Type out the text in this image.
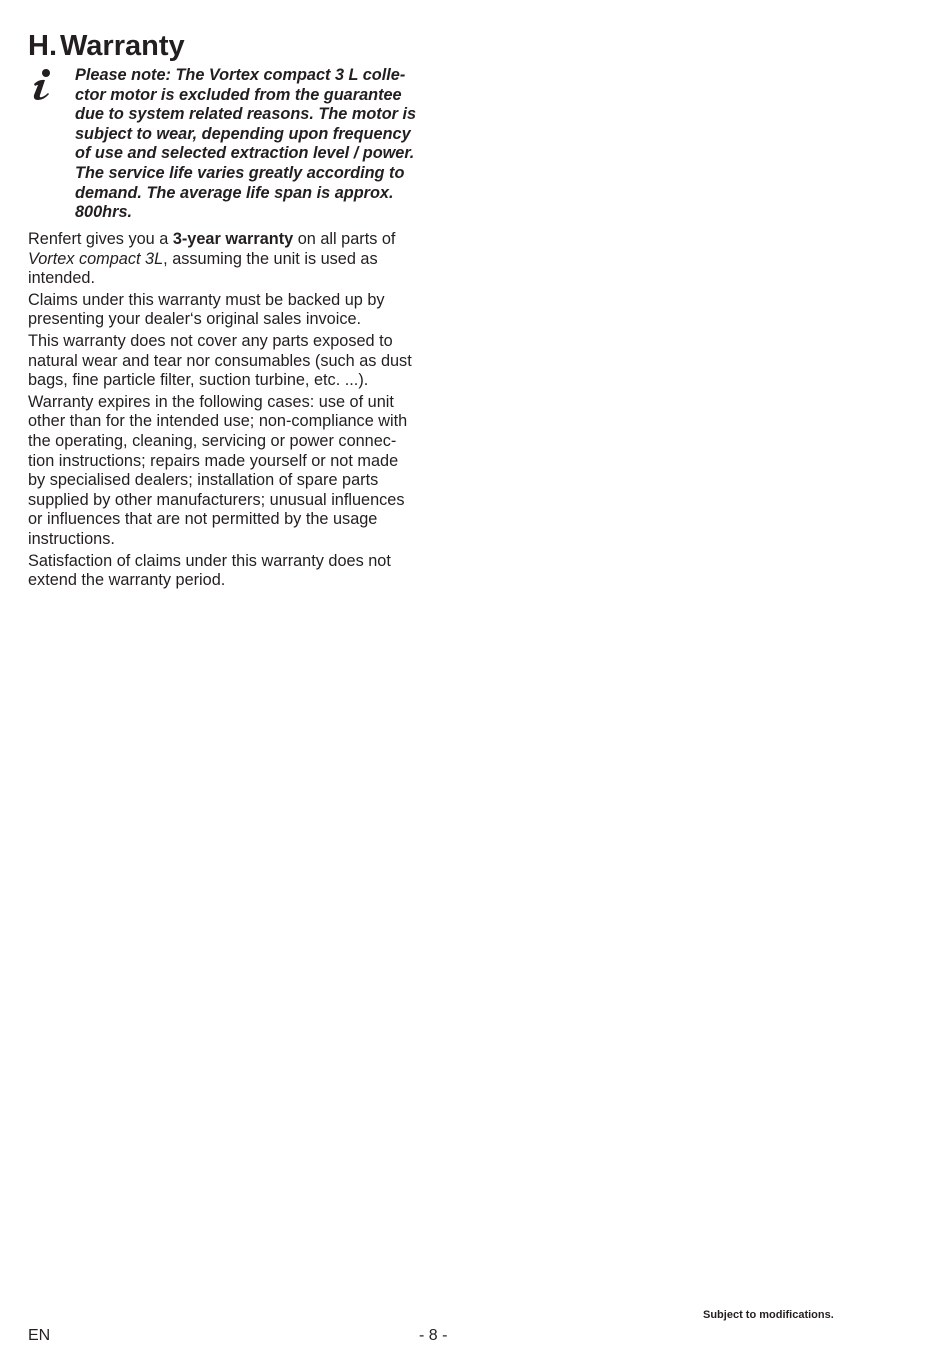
H. Warranty
Please note: The Vortex compact 3 L colle-
ctor motor is excluded from the guarantee
due to system related reasons. The motor is
subject to wear, depending upon frequency
of use and selected extraction level / power.
The service life varies greatly according to
demand. The average life span is approx.
800hrs.

Renfert gives you a 3-year warranty on all parts of
Vortex compact 3L, assuming the unit is used as
intended.

Claims under this warranty must be backed up by
presenting your dealer‘s original sales invoice.

This warranty does not cover any parts exposed to
natural wear and tear nor consumables (such as dust
bags, fine particle filter, suction turbine, etc. ...).

Warranty expires in the following cases: use of unit
other than for the intended use; non-compliance with
the operating, cleaning, servicing or power connec-
tion instructions; repairs made yourself or not made
by specialised dealers; installation of spare parts
supplied by other manufacturers; unusual influences
or influences that are not permitted by the usage
instructions.

Satisfaction of claims under this warranty does not
extend the warranty period.

Subject to modifications.
EN	- 8 -
